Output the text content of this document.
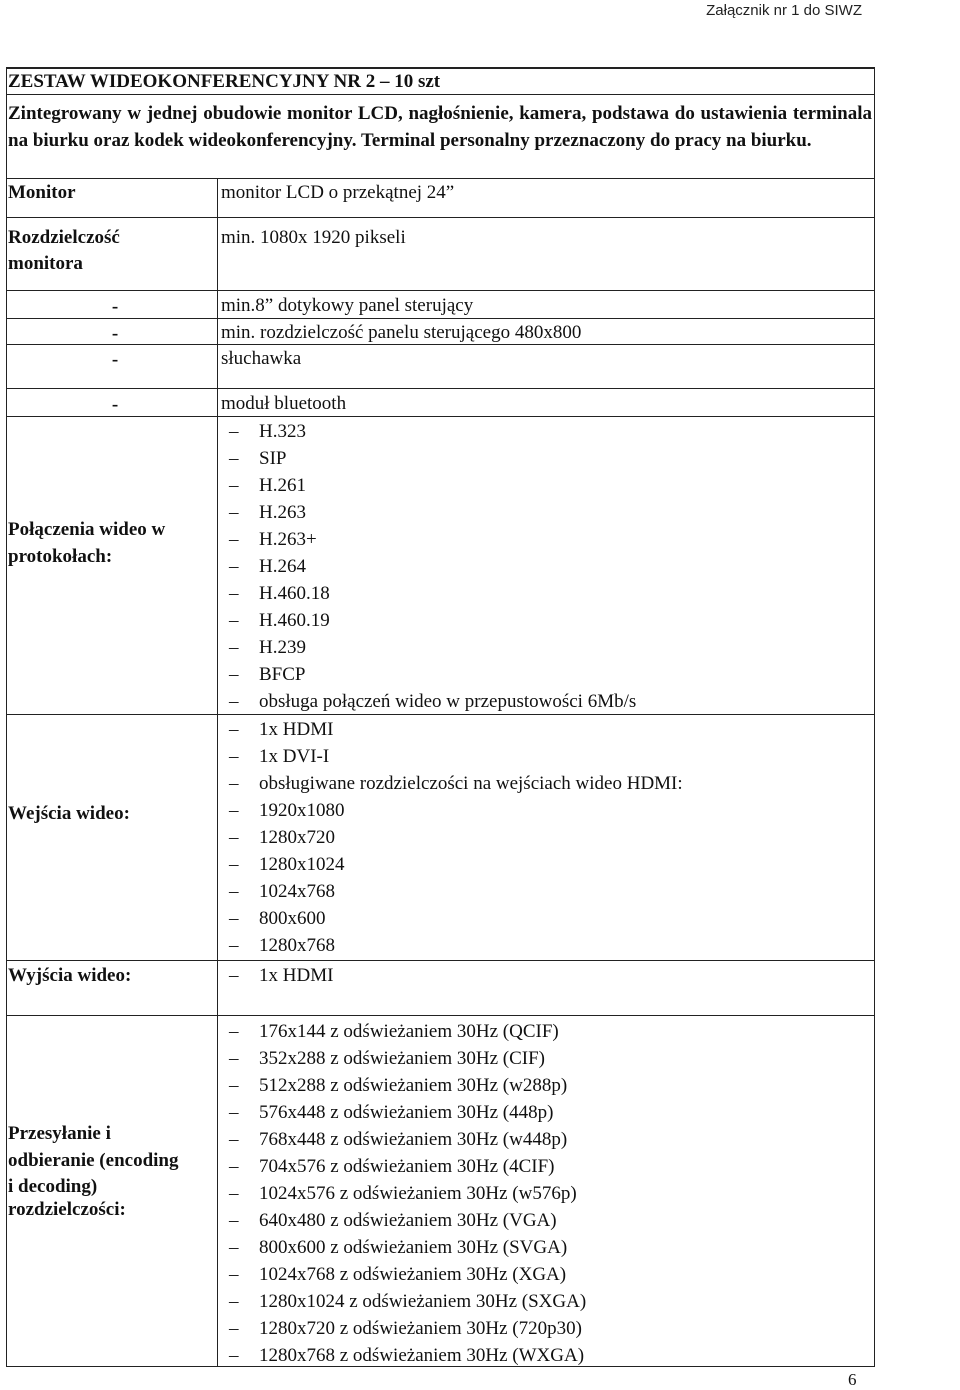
Załącznik nr 1 do SIWZ
ZESTAW WIDEOKONFERENCYJNY NR 2 – 10 szt
Zintegrowany w jednej obudowie monitor LCD, nagłośnienie, kamera, podstawa do ustawienia terminala na biurku oraz kodek wideokonferencyjny. Terminal personalny przeznaczony do pracy na biurku.
Monitor	monitor LCD o przekątnej 24”
Rozdzielczość
monitora
min. 1080x 1920 pikseli
-	min.8” dotykowy panel sterujący
-	min. rozdzielczość panelu sterującego 480x800
-	słuchawka
-	moduł bluetooth
Połączenia wideo w
protokołach:
– H.323
– SIP
– H.261
– H.263
– H.263+
– H.264
– H.460.18
– H.460.19
– H.239
– BFCP
– obsługa połączeń wideo w przepustowości 6Mb/s
Wejścia wideo:
– 1x HDMI
– 1x DVI-I
– obsługiwane rozdzielczości na wejściach wideo HDMI:
– 1920x1080
– 1280x720
– 1280x1024
– 1024x768
– 800x600
– 1280x768
Wyjścia wideo:
–	1x HDMI
Przesyłanie i
odbieranie (encoding
i decoding)
rozdzielczości:
– 176x144 z odświeżaniem 30Hz (QCIF)
– 352x288 z odświeżaniem 30Hz (CIF)
– 512x288 z odświeżaniem 30Hz (w288p)
– 576x448 z odświeżaniem 30Hz (448p)
– 768x448 z odświeżaniem 30Hz (w448p)
– 704x576 z odświeżaniem 30Hz (4CIF)
– 1024x576 z odświeżaniem 30Hz (w576p)
– 640x480 z odświeżaniem 30Hz (VGA)
– 800x600 z odświeżaniem 30Hz (SVGA)
– 1024x768 z odświeżaniem 30Hz (XGA)
– 1280x1024 z odświeżaniem 30Hz (SXGA)
– 1280x720 z odświeżaniem 30Hz (720p30)
– 1280x768 z odświeżaniem 30Hz (WXGA)
6
